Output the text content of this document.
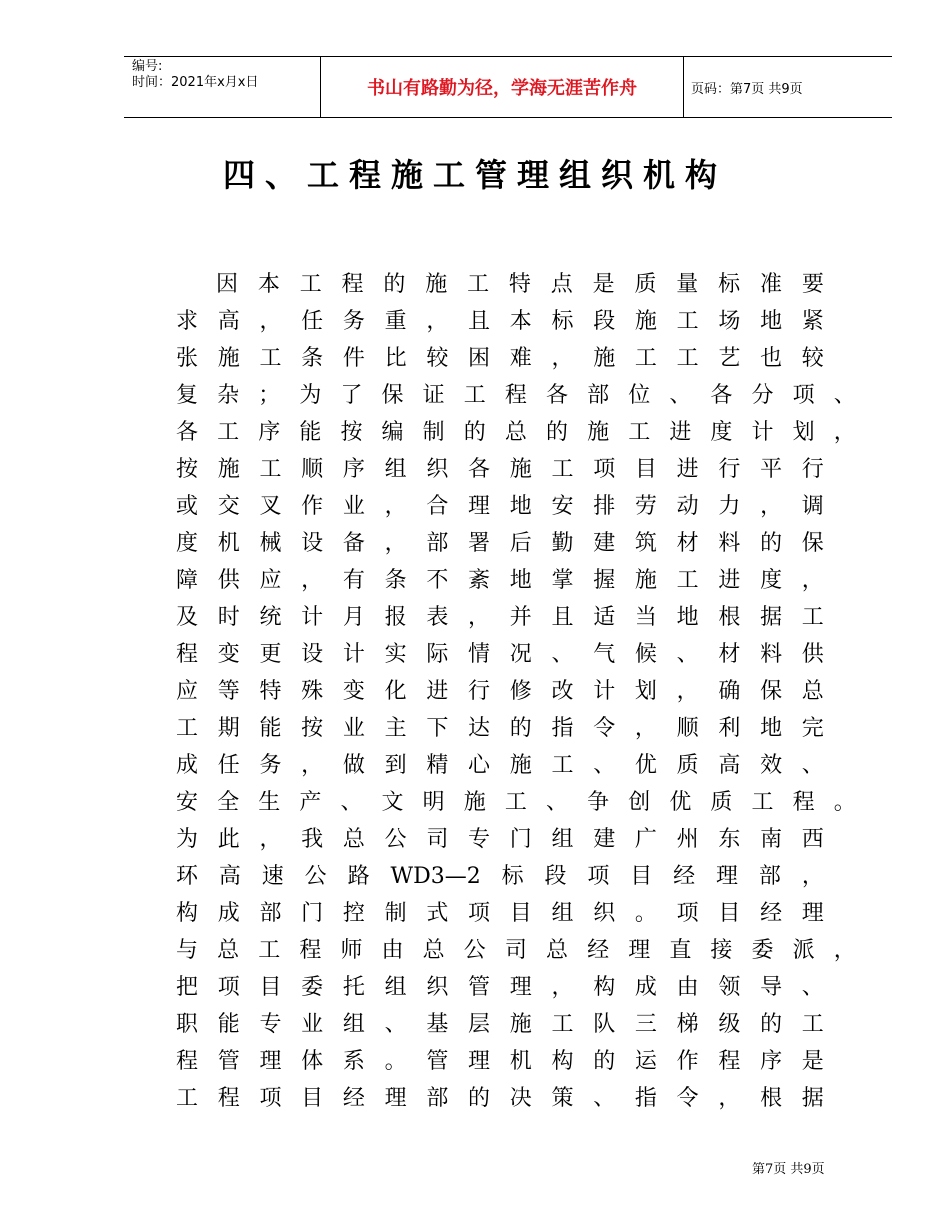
编号:
时间：2021年x月x日	书山有路勤为径，学海无涯苦作舟	页码：第7页 共9页
四、工程施工管理组织机构
因 本 工 程 的 施 工 特 点 是 质 量 标 准 要
求 高 ， 任 务 重 ， 且 本 标 段 施 工 场 地 紧
张 施 工 条 件 比 较 困 难 ， 施 工 工 艺 也 较
复 杂 ； 为 了 保 证 工 程 各 部 位 、 各 分 项 、
各 工 序 能 按 编 制 的 总 的 施 工 进 度 计 划 ，
按 施 工 顺 序 组 织 各 施 工 项 目 进 行 平 行
或 交 叉 作 业 ， 合 理 地 安 排 劳 动 力 ， 调
度 机 械 设 备 ， 部 署 后 勤 建 筑 材 料 的 保
障 供 应 ， 有 条 不 紊 地 掌 握 施 工 进 度 ，
及 时 统 计 月 报 表 ， 并 且 适 当 地 根 据 工
程 变 更 设 计 实 际 情 况 、 气 候 、 材 料 供
应 等 特 殊 变 化 进 行 修 改 计 划 ， 确 保 总
工 期 能 按 业 主 下 达 的 指 令 ， 顺 利 地 完
成 任 务 ， 做 到 精 心 施 工 、 优 质 高 效 、
安 全 生 产 、 文 明 施 工 、 争 创 优 质 工 程 。
为 此 ， 我 总 公 司 专 门 组 建 广 州 东 南 西
环 高 速 公 路 WD3—2 标 段 项 目 经 理 部 ，
构 成 部 门 控 制 式 项 目 组 织 。 项 目 经 理
与 总 工 程 师 由 总 公 司 总 经 理 直 接 委 派 ，
把 项 目 委 托 组 织 管 理 ， 构 成 由 领 导 、
职 能 专 业 组 、 基 层 施 工 队 三 梯 级 的 工
程 管 理 体 系 。 管 理 机 构 的 运 作 程 序 是
工 程 项 目 经 理 部 的 决 策 、 指 令 ， 根 据
第7页 共9页
